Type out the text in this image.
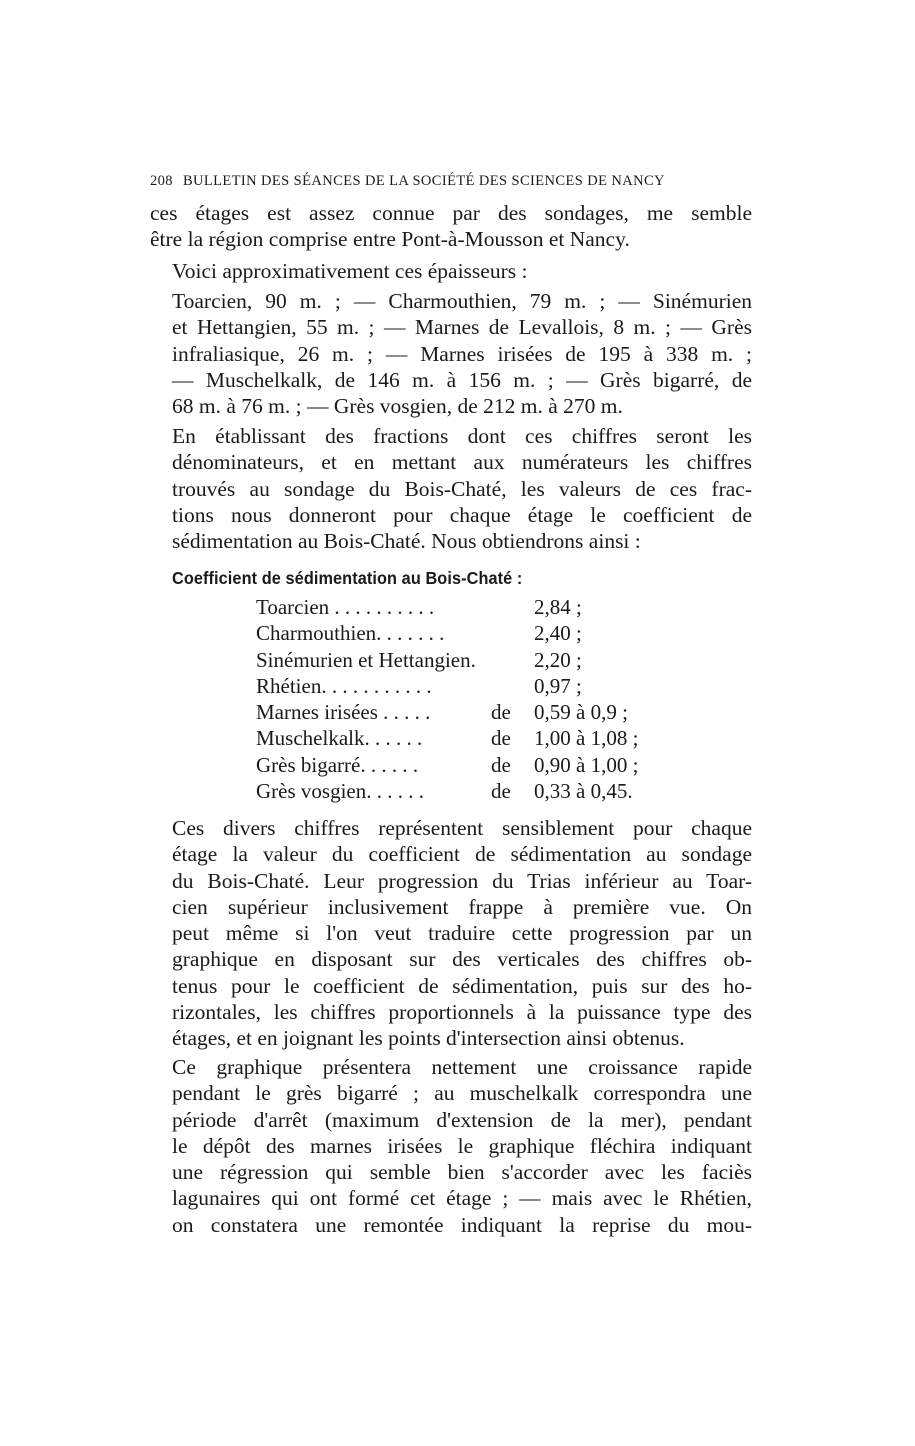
208 BULLETIN DES SÉANCES DE LA SOCIÉTÉ DES SCIENCES DE NANCY

ces étages est assez connue par des sondages, me semble
être la région comprise entre Pont-à-Mousson et Nancy.

Voici approximativement ces épaisseurs :

Toarcien, 90 m. ; — Charmouthien, 79 m. ; — Sinémurien
et Hettangien, 55 m. ; — Marnes de Levallois, 8 m. ; — Grès
infraliasique, 26 m. ; — Marnes irisées de 195 à 338 m. ;
— Muschelkalk, de 146 m. à 156 m. ; — Grès bigarré, de
68 m. à 76 m. ; — Grès vosgien, de 212 m. à 270 m.

En établissant des fractions dont ces chiffres seront les
dénominateurs, et en mettant aux numérateurs les chiffres
trouvés au sondage du Bois-Chaté, les valeurs de ces frac-
tions nous donneront pour chaque étage le coefficient de
sédimentation au Bois-Chaté. Nous obtiendrons ainsi :

Coefficient de sédimentation au Bois-Chaté :
Toarcien . . . . . . . . . .	2,84 ;
Charmouthien. . . . . . .	2,40 ;
Sinémurien et Hettangien.	2,20 ;
Rhétien. . . . . . . . . . .	0,97 ;
Marnes irisées . . . . .	de	0,59 à 0,9 ;
Muschelkalk. . . . . .	de	1,00 à 1,08 ;
Grès bigarré. . . . . .	de	0,90 à 1,00 ;
Grès vosgien. . . . . .	de	0,33 à 0,45.

Ces divers chiffres représentent sensiblement pour chaque
étage la valeur du coefficient de sédimentation au sondage
du Bois-Chaté. Leur progression du Trias inférieur au Toar-
cien supérieur inclusivement frappe à première vue. On
peut même si l'on veut traduire cette progression par un
graphique en disposant sur des verticales des chiffres ob-
tenus pour le coefficient de sédimentation, puis sur des ho-
rizontales, les chiffres proportionnels à la puissance type des
étages, et en joignant les points d'intersection ainsi obtenus.

Ce graphique présentera nettement une croissance rapide
pendant le grès bigarré ; au muschelkalk correspondra une
période d'arrêt (maximum d'extension de la mer), pendant
le dépôt des marnes irisées le graphique fléchira indiquant
une régression qui semble bien s'accorder avec les faciès
lagunaires qui ont formé cet étage ; — mais avec le Rhétien,
on constatera une remontée indiquant la reprise du mou-
